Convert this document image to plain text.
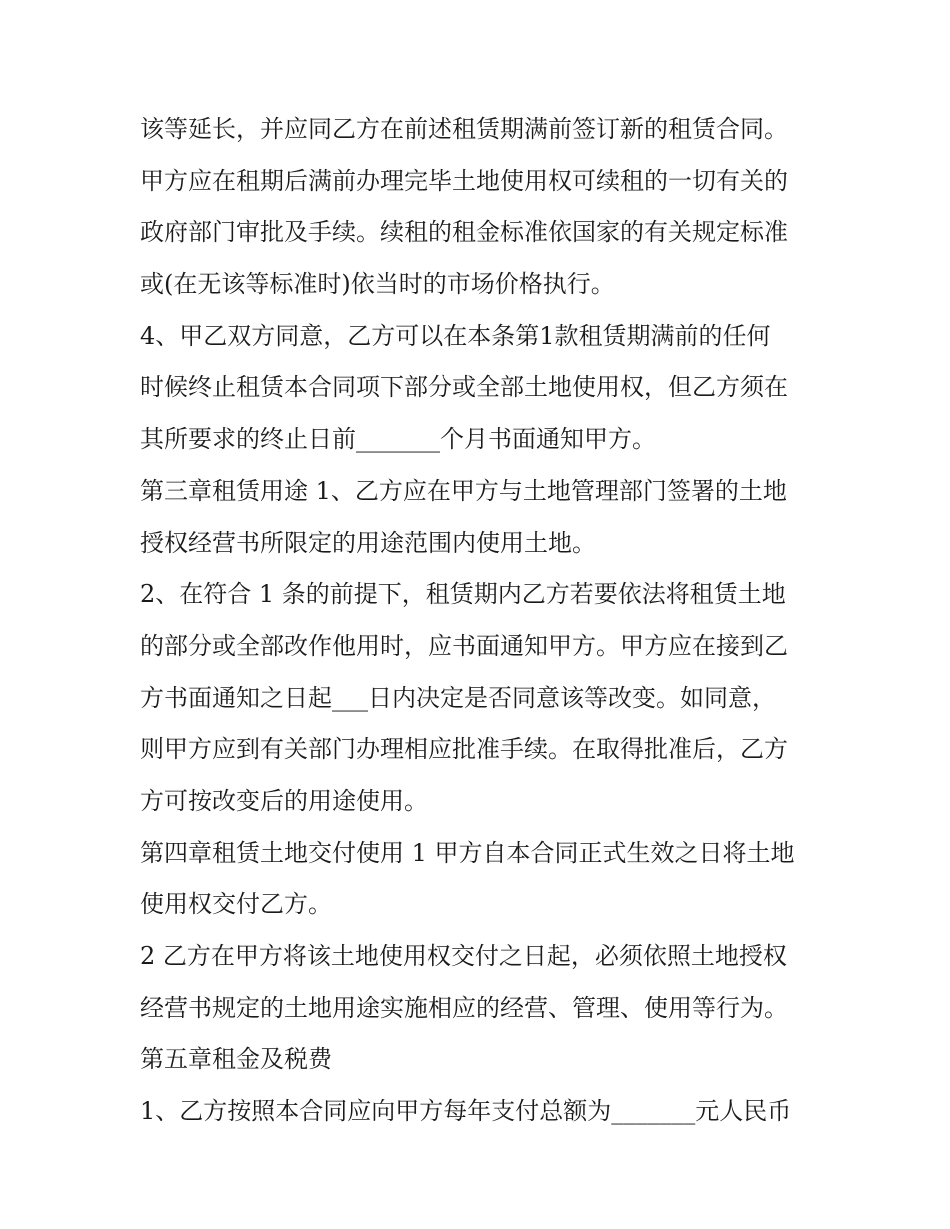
该等延长，并应同乙方在前述租赁期满前签订新的租赁合同。
甲方应在租期后满前办理完毕土地使用权可续租的一切有关的
政府部门审批及手续。续租的租金标准依国家的有关规定标准
或(在无该等标准时)依当时的市场价格执行。
4、甲乙双方同意，乙方可以在本条第1款租赁期满前的任何
时候终止租赁本合同项下部分或全部土地使用权，但乙方须在
其所要求的终止日前_______个月书面通知甲方。
第三章租赁用途 1、乙方应在甲方与土地管理部门签署的土地
授权经营书所限定的用途范围内使用土地。
2、在符合 1 条的前提下，租赁期内乙方若要依法将租赁土地
的部分或全部改作他用时，应书面通知甲方。甲方应在接到乙
方书面通知之日起___日内决定是否同意该等改变。如同意，
则甲方应到有关部门办理相应批准手续。在取得批准后，乙方
方可按改变后的用途使用。
第四章租赁土地交付使用 1 甲方自本合同正式生效之日将土地
使用权交付乙方。
2 乙方在甲方将该土地使用权交付之日起，必须依照土地授权
经营书规定的土地用途实施相应的经营、管理、使用等行为。
第五章租金及税费
1、乙方按照本合同应向甲方每年支付总额为_______元人民币
